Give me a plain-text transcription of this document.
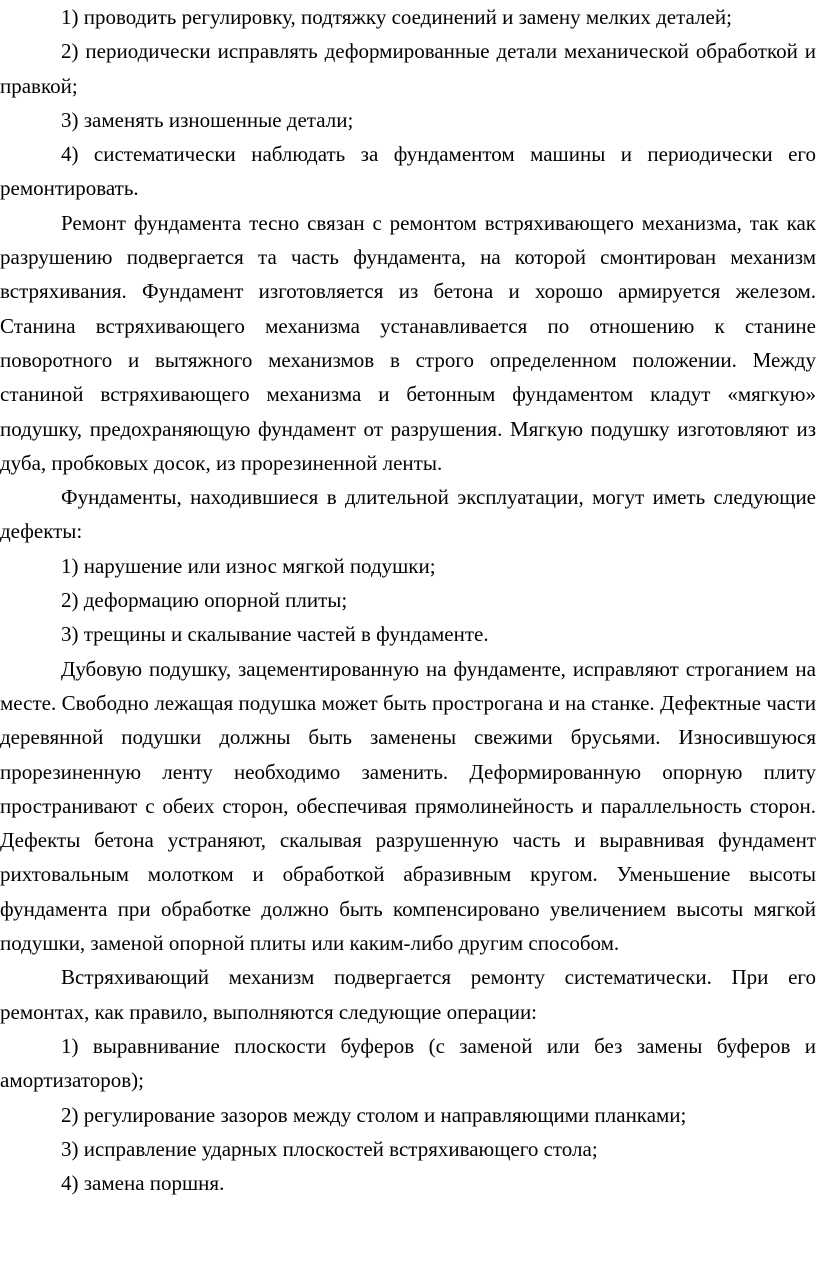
1) проводить регулировку, подтяжку соединений и замену мелких деталей;

2) периодически исправлять деформированные детали механической обработкой и правкой;

3) заменять изношенные детали;

4) систематически наблюдать за фундаментом машины и периодически его ремонтировать.

Ремонт фундамента тесно связан с ремонтом встряхивающего механизма, так как разрушению подвергается та часть фундамента, на которой смонтирован механизм встряхивания. Фундамент изготовляется из бетона и хорошо армируется железом. Станина встряхивающего механизма устанавливается по отношению к станине поворотного и вытяжного механизмов в строго определенном положении. Между станиной встряхивающего механизма и бетонным фундаментом кладут «мягкую» подушку, предохраняющую фундамент от разрушения. Мягкую подушку изготовляют из дуба, пробковых досок, из прорезиненной ленты.

Фундаменты, находившиеся в длительной эксплуатации, могут иметь следующие дефекты:

1) нарушение или износ мягкой подушки;

2) деформацию опорной плиты;

3) трещины и скалывание частей в фундаменте.

Дубовую подушку, зацементированную на фундаменте, исправляют строганием на месте. Свободно лежащая подушка может быть прострогана и на станке. Дефектные части деревянной подушки должны быть заменены свежими брусьями. Износившуюся прорезиненную ленту необходимо заменить. Деформированную опорную плиту пространивают с обеих сторон, обеспечивая прямолинейность и параллельность сторон. Дефекты бетона устраняют, скалывая разрушенную часть и выравнивая фундамент рихтовальным молотком и обработкой абразивным кругом. Уменьшение высоты фундамента при обработке должно быть компенсировано увеличением высоты мягкой подушки, заменой опорной плиты или каким-либо другим способом.

Встряхивающий механизм подвергается ремонту систематически. При его ремонтах, как правило, выполняются следующие операции:

1) выравнивание плоскости буферов (с заменой или без замены буферов и амортизаторов);

2) регулирование зазоров между столом и направляющими планками;

3) исправление ударных плоскостей встряхивающего стола;

4) замена поршня.
